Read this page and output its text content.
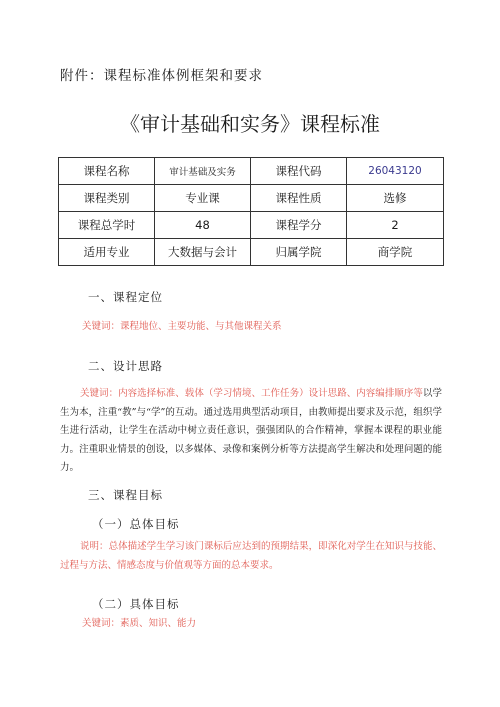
附件：课程标准体例框架和要求
《审计基础和实务》课程标准
课程名称	审计基础及实务	课程代码	26043120
课程类别	专业课	课程性质	选修
课程总学时	48	课程学分	2
适用专业	大数据与会计	归属学院	商学院
一、课程定位
关键词：课程地位、主要功能、与其他课程关系
二、设计思路
关键词：内容选择标准、载体（学习情境、工作任务）设计思路、内容编排顺序等以学生为本，注重“教”与“学”的互动。通过选用典型活动项目，由教师提出要求及示范，组织学生进行活动，让学生在活动中树立责任意识，强强团队的合作精神，掌握本课程的职业能力。注重职业情景的创设，以多媒体、录像和案例分析等方法提高学生解决和处理问题的能力。
三、课程目标
（一）总体目标
说明：总体描述学生学习该门课标后应达到的预期结果，即深化对学生在知识与技能、过程与方法、情感态度与价值观等方面的总本要求。
（二）具体目标
关键词：素质、知识、能力
